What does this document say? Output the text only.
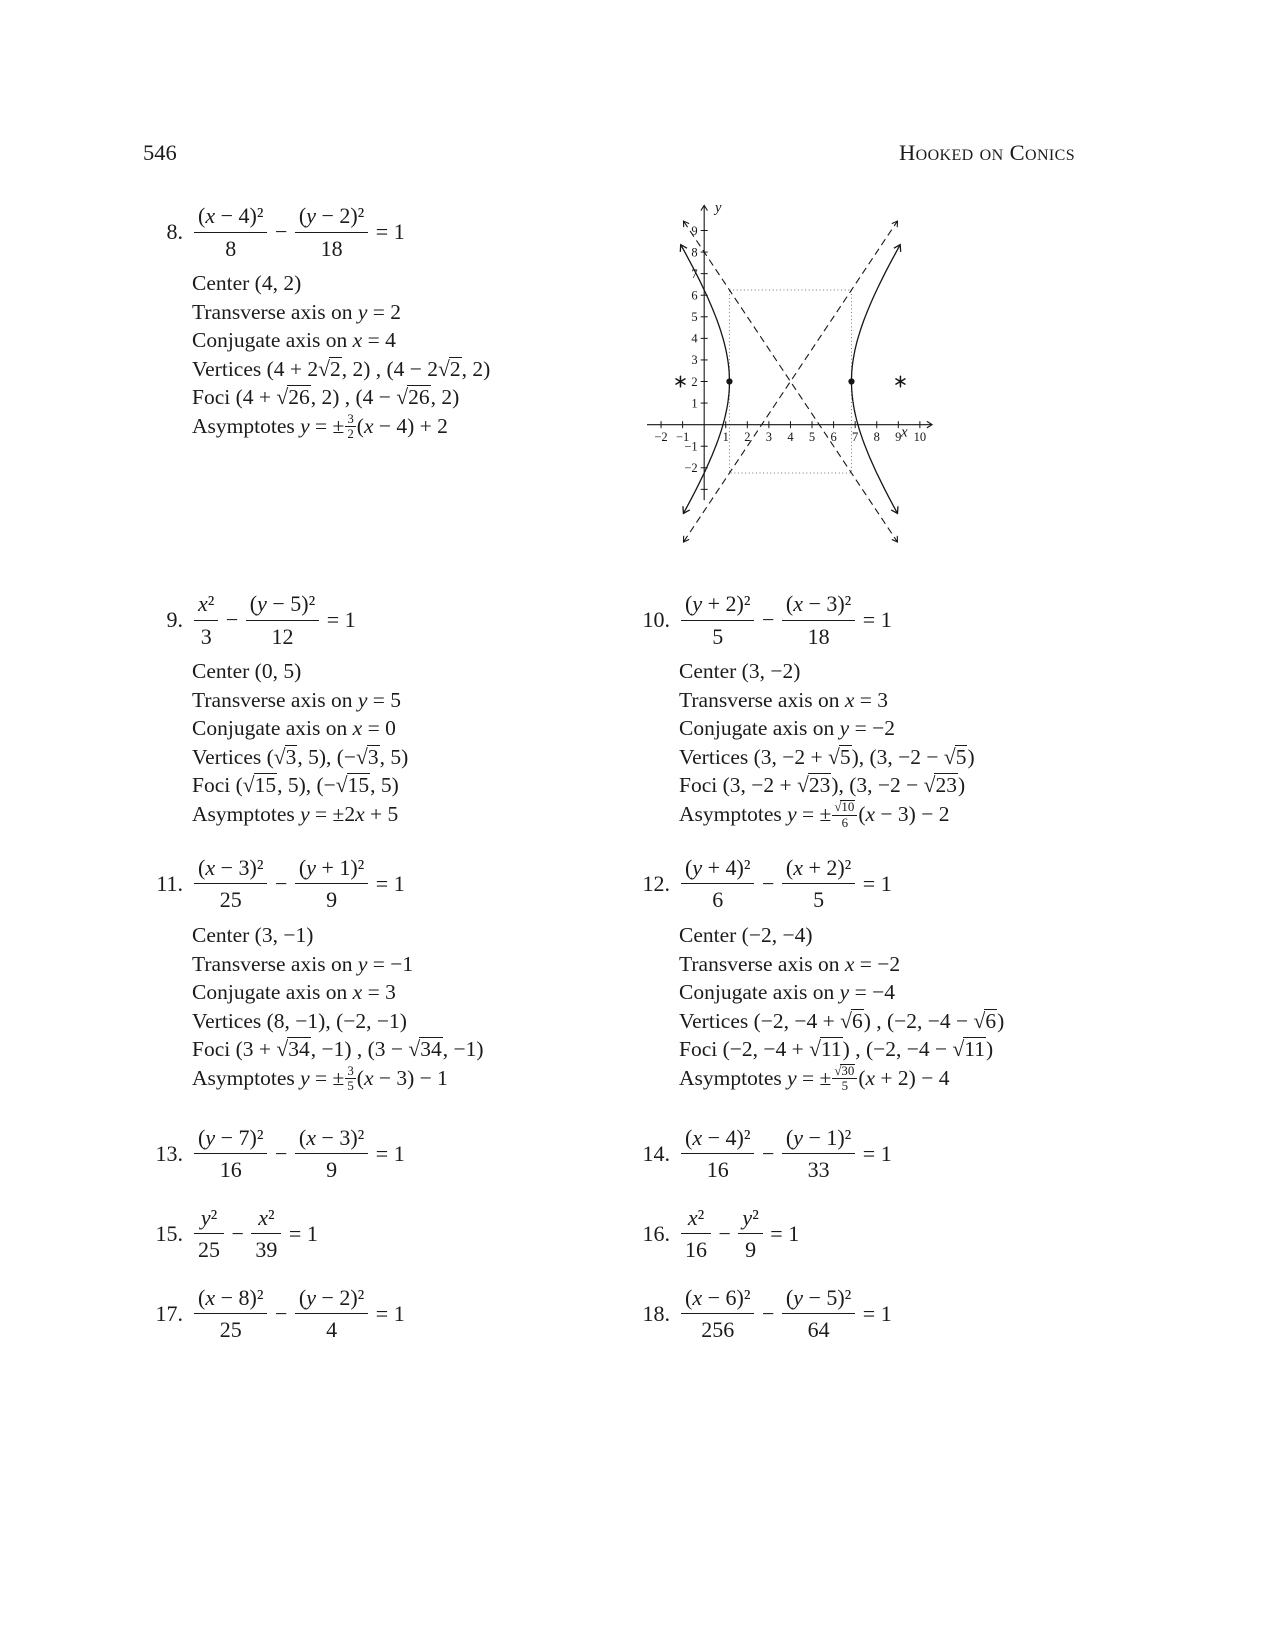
546	Hooked on Conics
8. $\frac{\text{(x − 4)²}}{8} - \frac{\text{(y − 2)²}}{18} = 1$
Center (4, 2)
Transverse axis on y = 2
Conjugate axis on x = 4
Vertices (4 + 2√2, 2) , (4 − 2√2, 2)
Foci (4 + √26, 2) , (4 − √26, 2)
Asymptotes y = ± $\frac{3}{2} (x - 4) + 2$	−2 −1	1 2 3 4 5 6 7 8 9 10
−2
−1
1
2
3
4
5
6
7
8
9
x
y
9. $\frac{\text{x²}}{3} - \frac{\text{(y − 5)²}}{12} = 1$
Center (0, 5)
Transverse axis on y = 5
Conjugate axis on x = 0
Vertices (√3, 5), (−√3, 5)
Foci (√15, 5), (−√15, 5)
Asymptotes y = ±2x + 5
10. $\frac{\text{(y + 2)²}}{5} - \frac{\text{(x − 3)²}}{18} = 1$
Center (3, −2)
Transverse axis on x = 3
Conjugate axis on y = −2
Vertices (3, −2 + √5), (3, −2 − √5)
Foci (3, −2 + √23), (3, −2 − √23)
Asymptotes y = ± $\frac{√10}{6} (x - 3) - 2$
11. $\frac{\text{(x − 3)²}}{25} - \frac{\text{(y + 1)²}}{9} = 1$
Center (3, −1)
Transverse axis on y = −1
Conjugate axis on x = 3
Vertices (8, −1), (−2, −1)
Foci (3 + √34, −1) , (3 − √34, −1)
Asymptotes y = ± $\frac{3}{5} (x - 3) - 1$
12. $\frac{\text{(y + 4)²}}{6} - \frac{\text{(x + 2)²}}{5} = 1$
Center (−2, −4)
Transverse axis on x = −2
Conjugate axis on y = −4
Vertices (−2, −4 + √6) , (−2, −4 − √6)
Foci (−2, −4 + √11) , (−2, −4 − √11)
Asymptotes y = ± $\frac{√30}{5} (x + 2) - 4$
13. $\frac{\text{(y − 7)²}}{16} - \frac{\text{(x − 3)²}}{9} = 1$	14. $\frac{\text{(x − 4)²}}{16} - \frac{\text{(y − 1)²}}{33} = 1$
15. $\frac{\text{y²}}{25} - \frac{\text{x²}}{39} = 1$	16. $\frac{\text{x²}}{16} - \frac{\text{y²}}{9} = 1$
17. $\frac{\text{(x − 8)²}}{25} - \frac{\text{(y − 2)²}}{4} = 1$	18. $\frac{\text{(x − 6)²}}{256} - \frac{\text{(y − 5)²}}{64} = 1$
